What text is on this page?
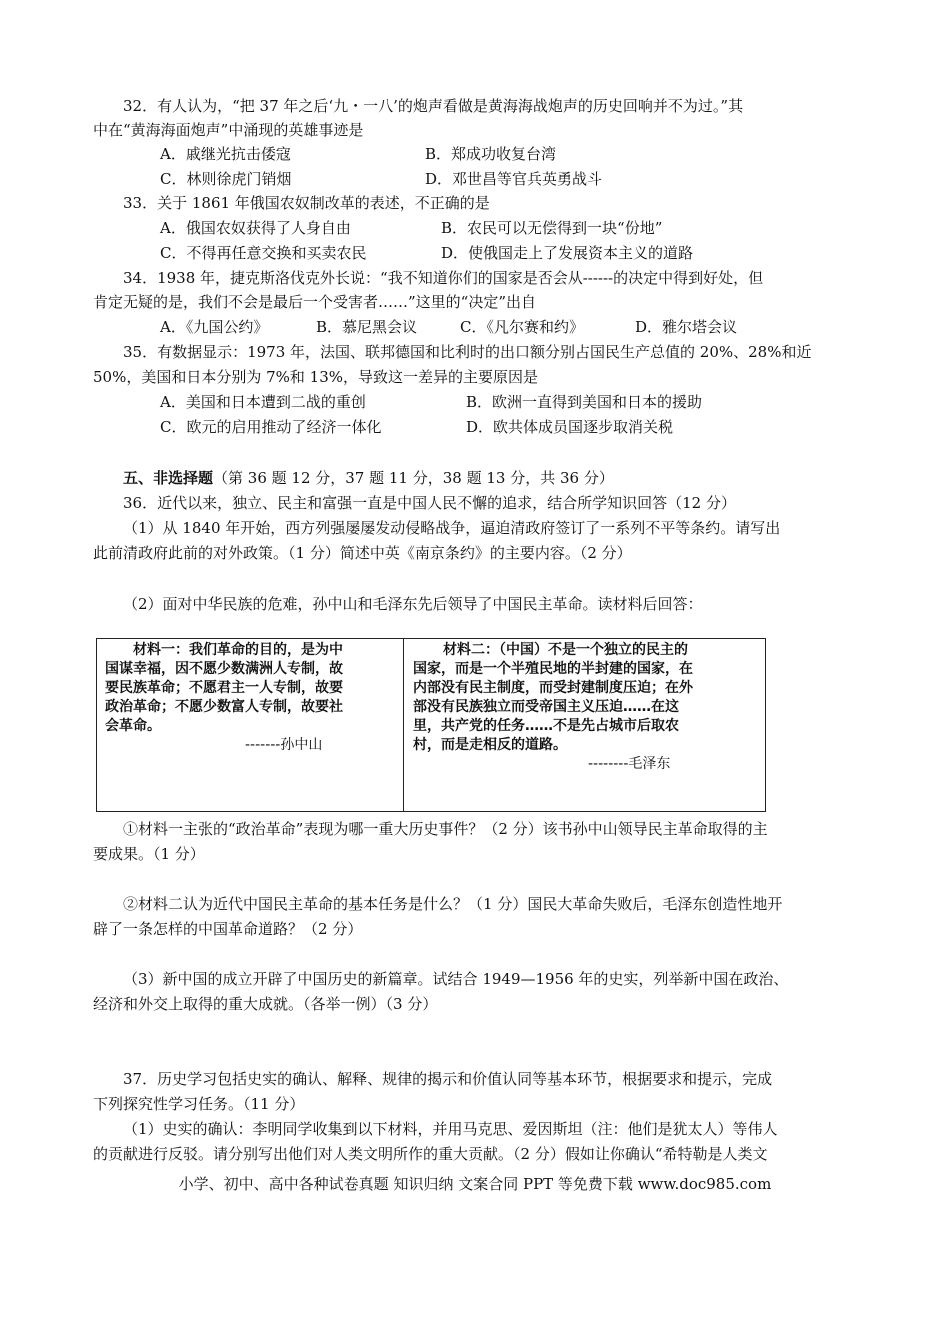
32．有人认为，“把 37 年之后‘九・一八’的炮声看做是黄海海战炮声的历史回响并不为过。”其
中在“黄海海面炮声”中涌现的英雄事迹是
A．戚继光抗击倭寇	B．郑成功收复台湾
C．林则徐虎门销烟	D．邓世昌等官兵英勇战斗
33．关于 1861 年俄国农奴制改革的表述，不正确的是
A．俄国农奴获得了人身自由	B．农民可以无偿得到一块“份地”
C．不得再任意交换和买卖农民	D．使俄国走上了发展资本主义的道路
34．1938 年，捷克斯洛伐克外长说：“我不知道你们的国家是否会从------的决定中得到好处，但
肯定无疑的是，我们不会是最后一个受害者……”这里的“决定”出自
A．《九国公约》	B．慕尼黑会议	C．《凡尔赛和约》	D．雅尔塔会议
35．有数据显示：1973 年，法国、联邦德国和比利时的出口额分别占国民生产总值的 20%、28%和近
50%，美国和日本分别为 7%和 13%，导致这一差异的主要原因是
A．美国和日本遭到二战的重创	B．欧洲一直得到美国和日本的援助
C．欧元的启用推动了经济一体化	D．欧共体成员国逐步取消关税
五、非选择题（第 36 题 12 分，37 题 11 分，38 题 13 分，共 36 分）
36．近代以来，独立、民主和富强一直是中国人民不懈的追求，结合所学知识回答（12 分）
（1）从 1840 年开始，西方列强屡屡发动侵略战争，逼迫清政府签订了一系列不平等条约。请写出
此前清政府此前的对外政策。（1 分）简述中英《南京条约》的主要内容。（2 分）
（2）面对中华民族的危难，孙中山和毛泽东先后领导了中国民主革命。读材料后回答：
材料一：我们革命的目的，是为中
国谋幸福，因不愿少数满洲人专制，故
要民族革命；不愿君主一人专制，故要
政治革命；不愿少数富人专制，故要社
会革命。
-------孙中山
材料二：（中国）不是一个独立的民主的
国家，而是一个半殖民地的半封建的国家，在
内部没有民主制度，而受封建制度压迫；在外
部没有民族独立而受帝国主义压迫……在这
里，共产党的任务……不是先占城市后取农
村，而是走相反的道路。
--------毛泽东
①材料一主张的“政治革命”表现为哪一重大历史事件？（2 分）该书孙中山领导民主革命取得的主
要成果。（1 分）
②材料二认为近代中国民主革命的基本任务是什么？（1 分）国民大革命失败后，毛泽东创造性地开
辟了一条怎样的中国革命道路？（2 分）
（3）新中国的成立开辟了中国历史的新篇章。试结合 1949—1956 年的史实，列举新中国在政治、
经济和外交上取得的重大成就。（各举一例）（3 分）
37．历史学习包括史实的确认、解释、规律的揭示和价值认同等基本环节，根据要求和提示，完成
下列探究性学习任务。（11 分）
（1）史实的确认：李明同学收集到以下材料，并用马克思、爱因斯坦（注：他们是犹太人）等伟人
的贡献进行反驳。请分别写出他们对人类文明所作的重大贡献。（2 分）假如让你确认“希特勒是人类文
小学、初中、高中各种试卷真题 知识归纳 文案合同 PPT 等免费下载 www.doc985.com
